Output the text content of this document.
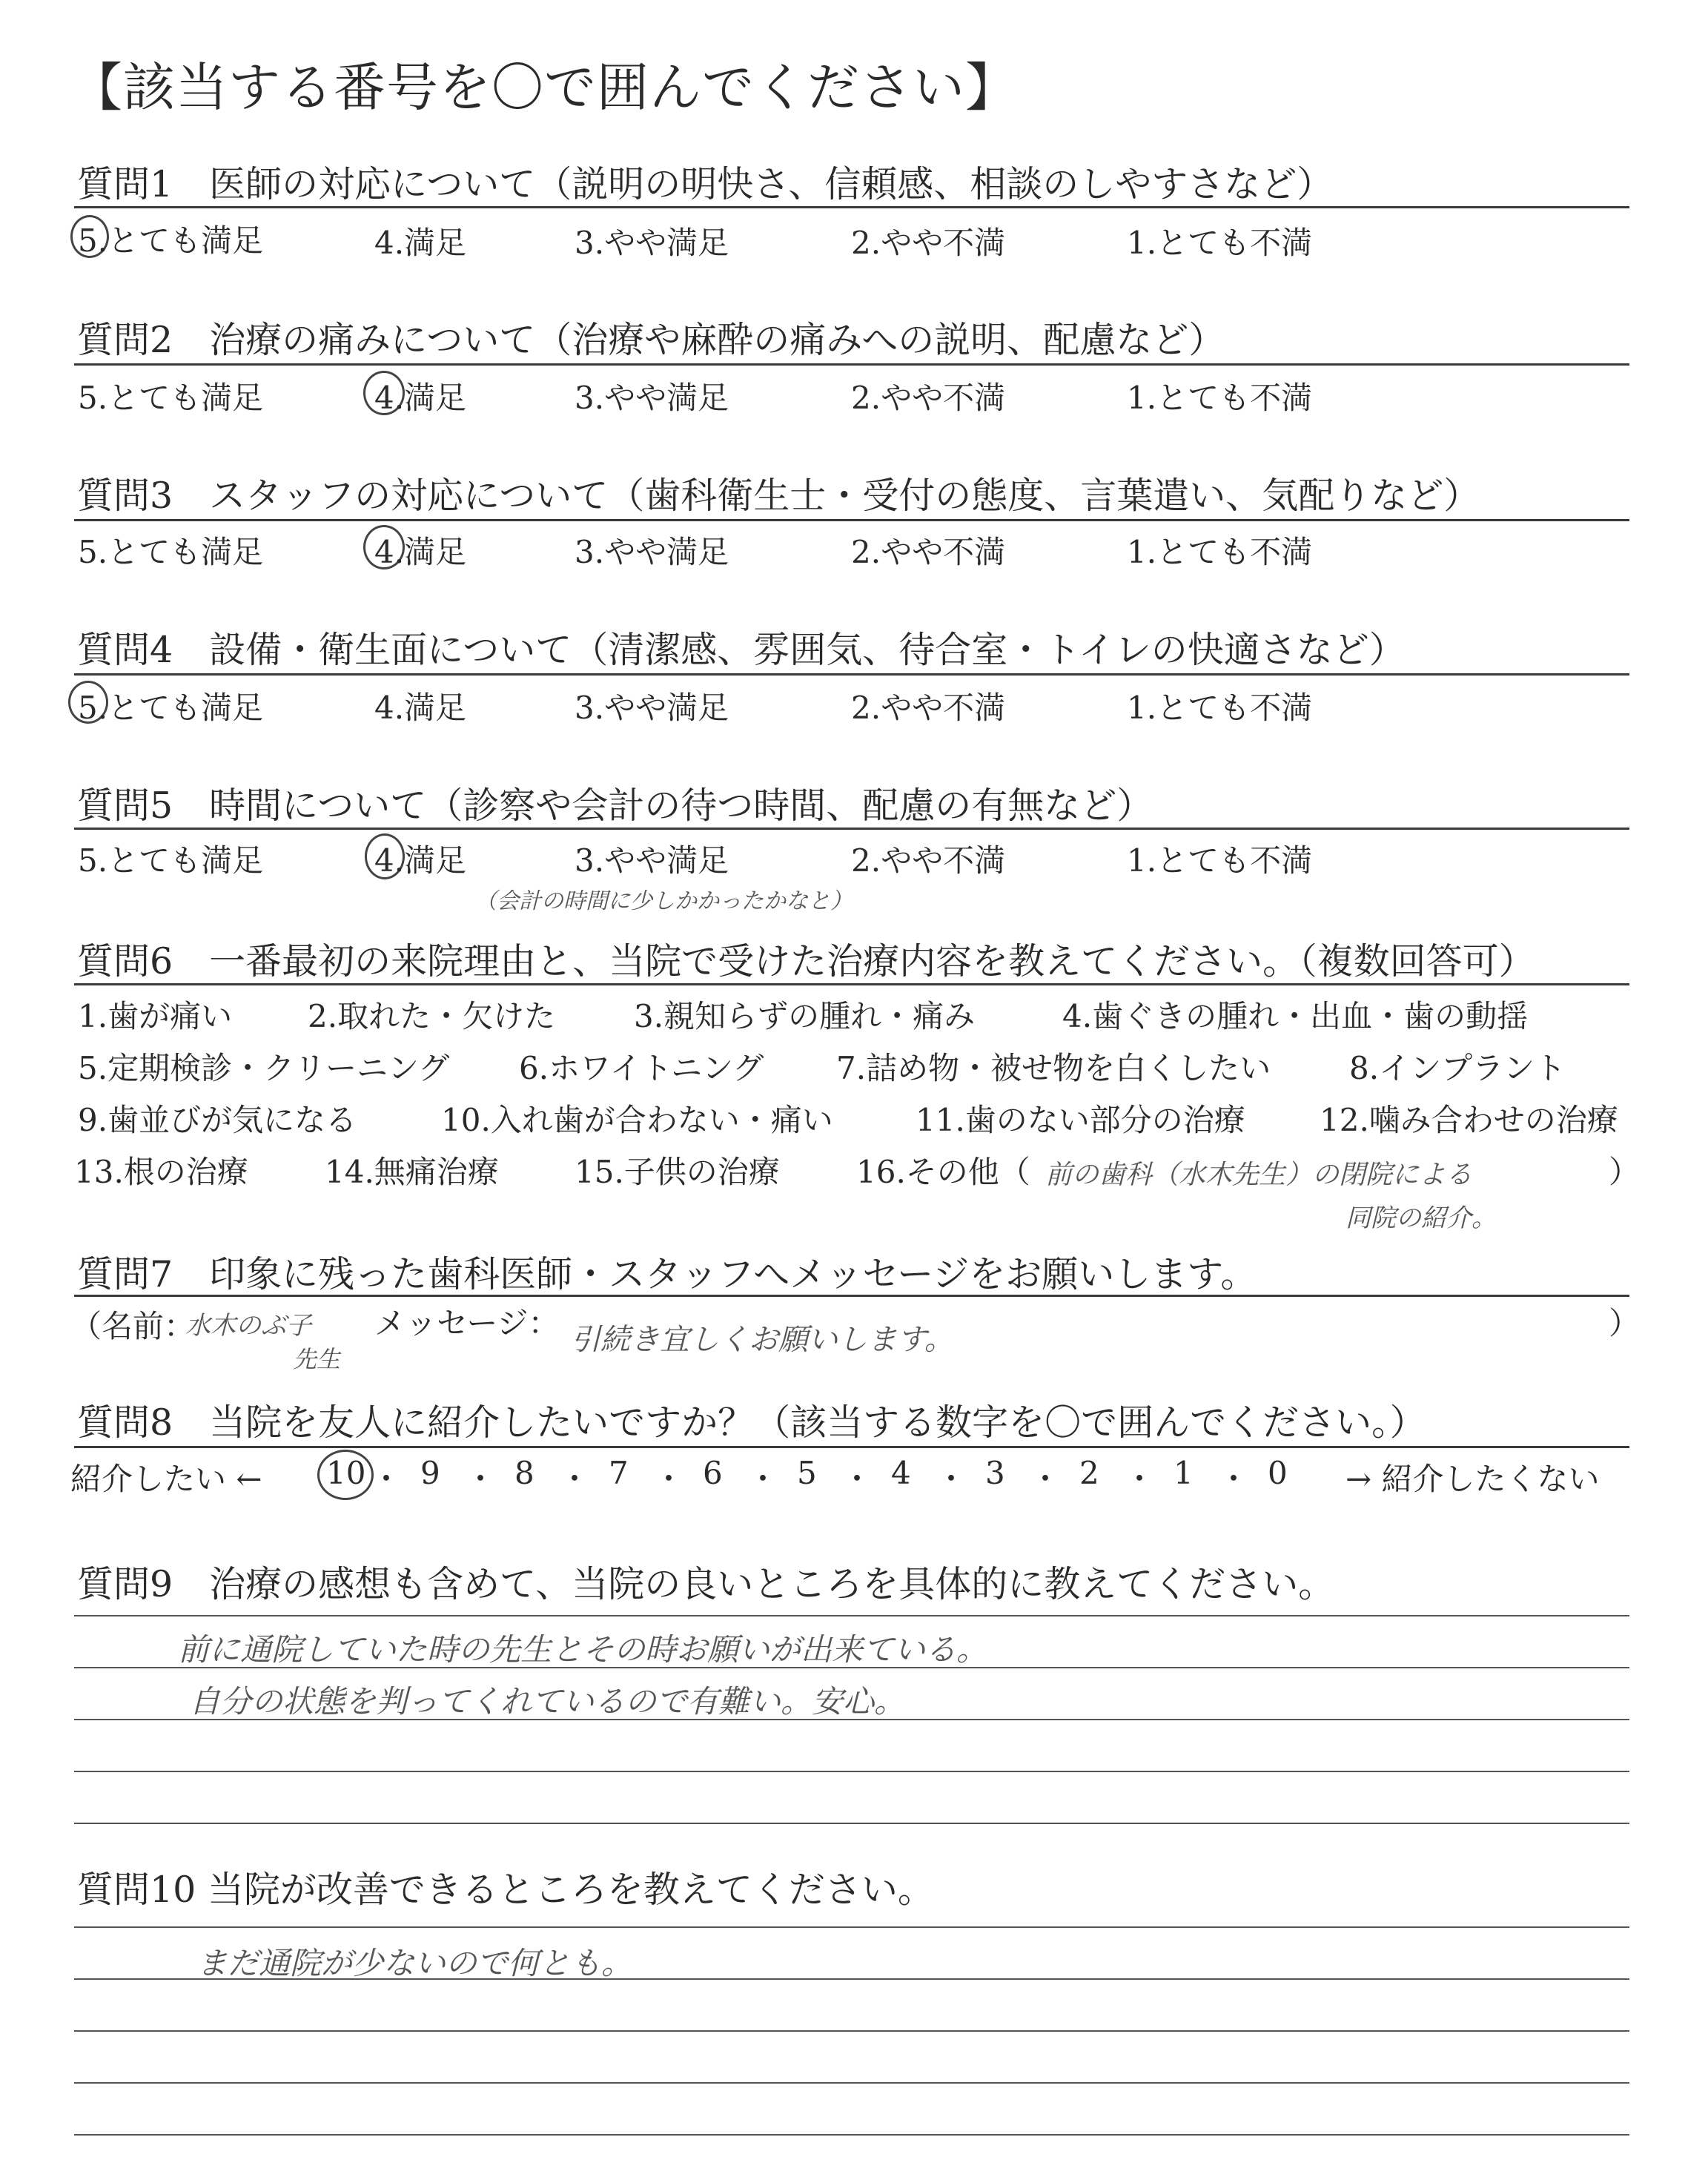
【該当する番号を〇で囲んでください】
質問1　医師の対応について（説明の明快さ、信頼感、相談のしやすさなど）
5.とても満足	4.満足	3.やや満足	2.やや不満	1.とても不満
質問2　治療の痛みについて（治療や麻酔の痛みへの説明、配慮など）
5.とても満足	4.満足	3.やや満足	2.やや不満	1.とても不満
質問3　スタッフの対応について（歯科衛生士・受付の態度、言葉遣い、気配りなど）
5.とても満足	4.満足	3.やや満足	2.やや不満	1.とても不満
質問4　設備・衛生面について（清潔感、雰囲気、待合室・トイレの快適さなど）
5.とても満足	4.満足	3.やや満足	2.やや不満	1.とても不満
質問5　時間について（診察や会計の待つ時間、配慮の有無など）
5.とても満足	4.満足	3.やや満足	2.やや不満	1.とても不満
（会計の時間に少しかかったかなと）
質問6　一番最初の来院理由と、当院で受けた治療内容を教えてください。（複数回答可）
1.歯が痛い 2.取れた・欠けた	3.親知らずの腫れ・痛み	4.歯ぐきの腫れ・出血・歯の動揺
5.定期検診・クリーニング 6.ホワイトニング 7.詰め物・被せ物を白くしたい	8.インプラント
9.歯並びが気になる	10.入れ歯が合わない・痛い	11.歯のない部分の治療 12.噛み合わせの治療
13.根の治療 14.無痛治療 15.子供の治療 16.その他（ 前の歯科（水木先生）の閉院による	）
同院の紹介。
質問7　印象に残った歯科医師・スタッフへメッセージをお願いします。
（名前：
水木のぶ子
先生
メッセージ： 引続き宜しくお願いします。	）
質問8　当院を友人に紹介したいですか？（該当する数字を〇で囲んでください。）
紹介したい ← 10 ・ 9 ・ 8 ・ 7 ・ 6 ・ 5 ・ 4 ・ 3 ・ 2 ・ 1 ・ 0 → 紹介したくない
質問9　治療の感想も含めて、当院の良いところを具体的に教えてください。
前に通院していた時の先生とその時お願いが出来ている。
自分の状態を判ってくれているので有難い。安心。
質問10 当院が改善できるところを教えてください。
まだ通院が少ないので何とも。
